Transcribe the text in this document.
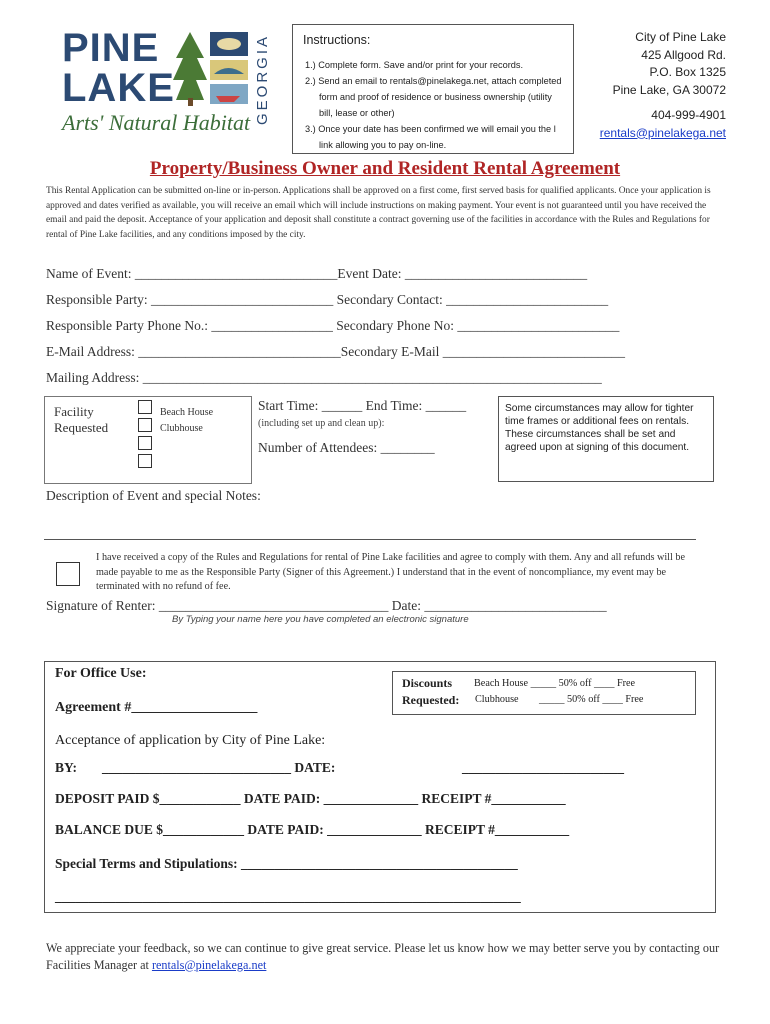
PINE
LAKE	GEORGIA
Arts' Natural Habitat
Instructions:
1.) Complete form. Save and/or print for your records.
2.) Send an email to rentals@pinelakega.net, attach completed form and proof of residence or business ownership (utility bill, lease or other)
3.) Once your date has been confirmed we will email you the l link allowing you to pay on-line.
City of Pine Lake
425 Allgood Rd.
P.O. Box 1325
Pine Lake, GA 30072
404-999-4901
rentals@pinelakega.net
Property/Business Owner and Resident Rental Agreement
This Rental Application can be submitted on-line or in-person. Applications shall be approved on a first come, first served basis for qualified applicants. Once your application is approved and dates verified as available, you will receive an email which will include instructions on making payment. Your event is not guaranteed until you have received the email and paid the deposit. Acceptance of your application and deposit shall constitute a contract governing use of the facilities in accordance with the Rules and Regulations for rental of Pine Lake facilities, and any conditions imposed by the city.
Name of Event: ______________________________Event Date: ___________________________
Responsible Party: ___________________________ Secondary Contact: ________________________
Responsible Party Phone No.: __________________ Secondary Phone No: ________________________
E-Mail Address: ______________________________Secondary E-Mail ___________________________
Mailing Address: ____________________________________________________________________
Facility Requested
Beach House
Clubhouse
Start Time: ______ End Time: ______
(including set up and clean up):
Number of Attendees: ________
Some circumstances may allow for tighter time frames or additional fees on rentals. These circumstances shall be set and agreed upon at signing of this document.
Description of Event and special Notes:
I have received a copy of the Rules and Regulations for rental of Pine Lake facilities and agree to comply with them. Any and all refunds will be made payable to me as the Responsible Party (Signer of this Agreement.) I understand that in the event of noncompliance, my event may be terminated with no refund of fee.
Signature of Renter: __________________________________ Date: ___________________________
By Typing your name here you have completed an electronic signature
For Office Use:
Agreement #__________________
Discounts
Requested:
Beach House _____ 50% off ____ Free
Clubhouse        _____ 50% off ____ Free
Acceptance of application by City of Pine Lake:
BY: ____________________________ DATE:	________________________
DEPOSIT PAID $____________ DATE PAID: ______________ RECEIPT #___________
BALANCE DUE $____________ DATE PAID: ______________ RECEIPT #___________
Special Terms and Stipulations: _________________________________________
_____________________________________________________________________
We appreciate your feedback, so we can continue to give great service. Please let us know how we may better serve you by contacting our Facilities Manager at rentals@pinelakega.net
